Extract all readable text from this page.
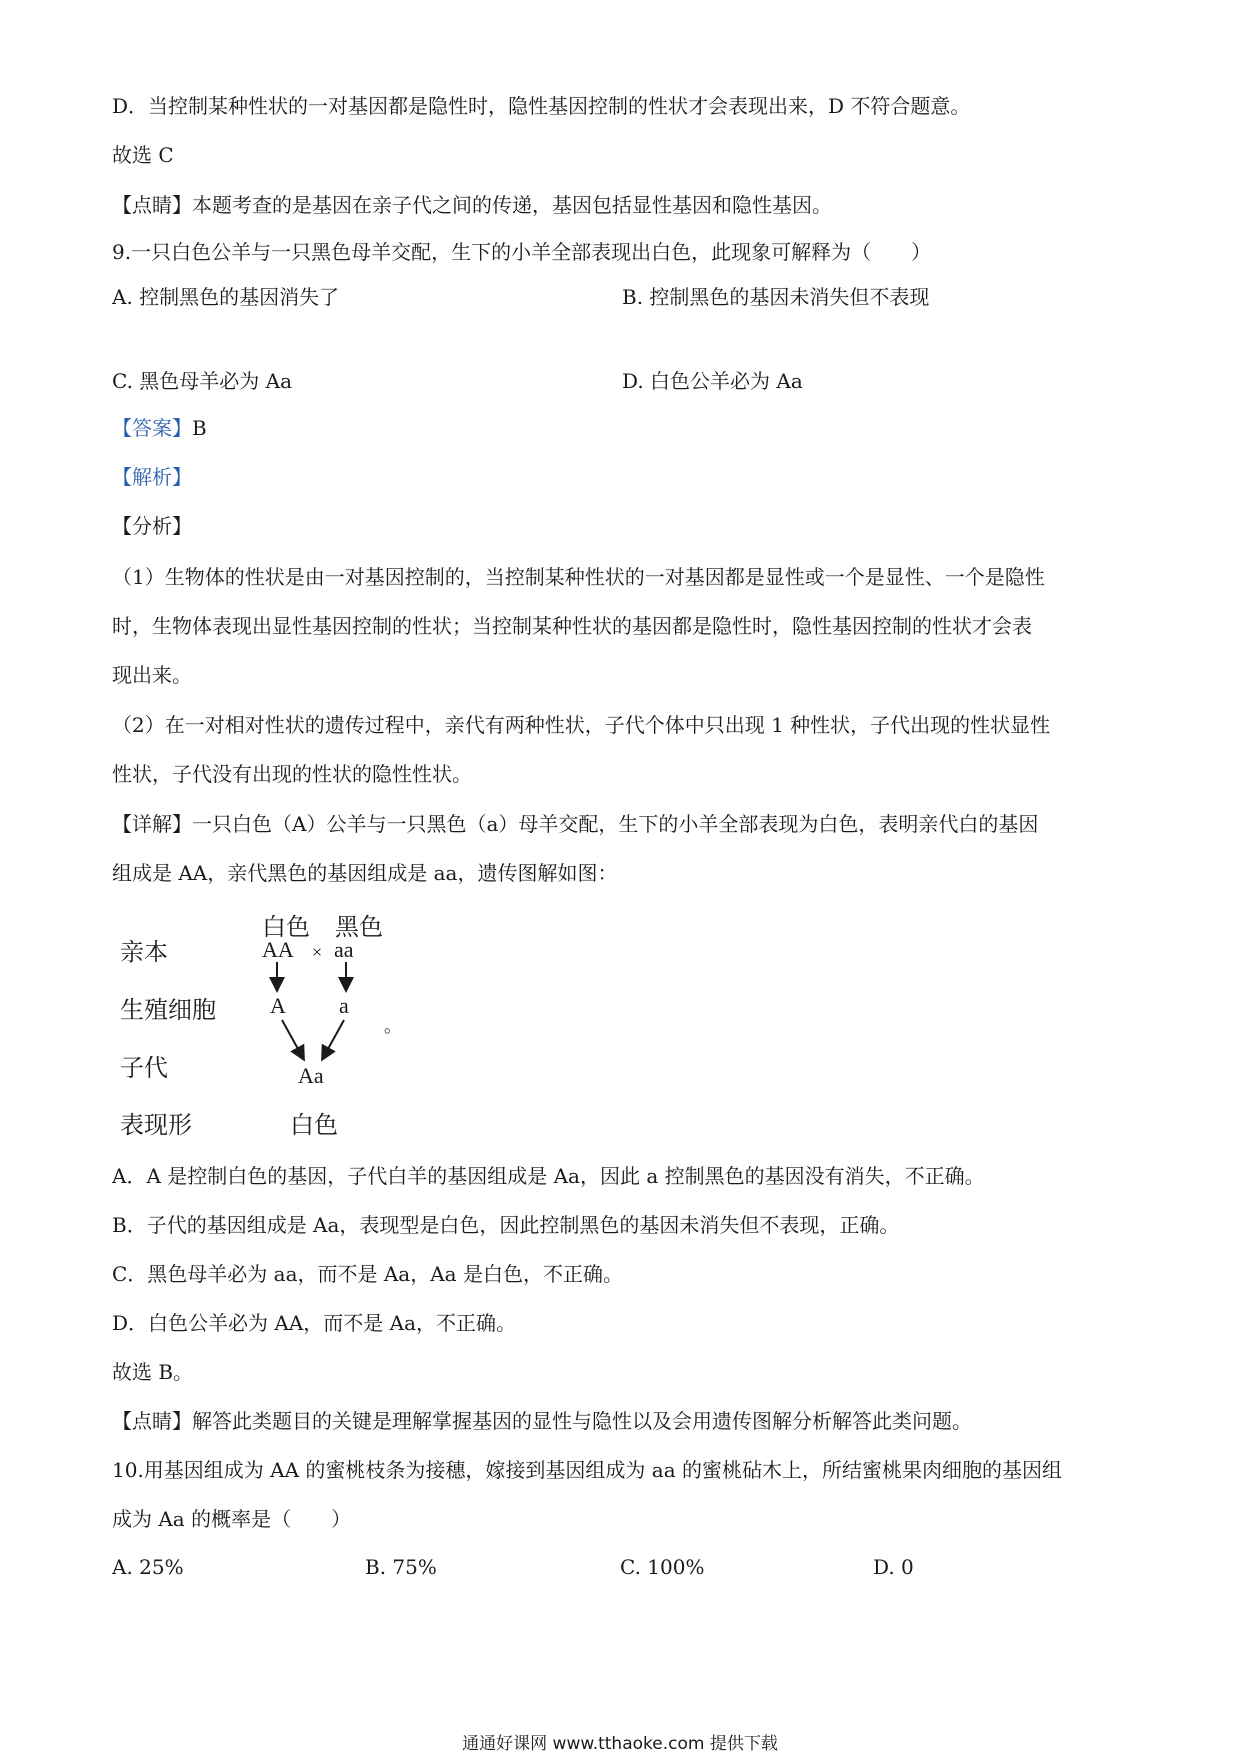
D．当控制某种性状的一对基因都是隐性时，隐性基因控制的性状才会表现出来，D 不符合题意。
故选 C
【点睛】本题考查的是基因在亲子代之间的传递，基因包括显性基因和隐性基因。
9.一只白色公羊与一只黑色母羊交配，生下的小羊全部表现出白色，此现象可解释为（　　）
A. 控制黑色的基因消失了	B. 控制黑色的基因未消失但不表现
C. 黑色母羊必为 Aa	D. 白色公羊必为 Aa
【答案】B
【解析】
【分析】
（1）生物体的性状是由一对基因控制的，当控制某种性状的一对基因都是显性或一个是显性、一个是隐性
时，生物体表现出显性基因控制的性状；当控制某种性状的基因都是隐性时，隐性基因控制的性状才会表
现出来。
（2）在一对相对性状的遗传过程中，亲代有两种性状，子代个体中只出现 1 种性状，子代出现的性状显性
性状，子代没有出现的性状的隐性性状。
【详解】一只白色（A）公羊与一只黑色（a）母羊交配，生下的小羊全部表现为白色，表明亲代白的基因
组成是 AA，亲代黑色的基因组成是 aa，遗传图解如图：
亲本
生殖细胞
子代
表现形
白色 黑色
AA × aa
A a
Aa
白色
。
A．A 是控制白色的基因，子代白羊的基因组成是 Aa，因此 a 控制黑色的基因没有消失，不正确。
B．子代的基因组成是 Aa，表现型是白色，因此控制黑色的基因未消失但不表现，正确。
C．黑色母羊必为 aa，而不是 Aa，Aa 是白色，不正确。
D．白色公羊必为 AA，而不是 Aa，不正确。
故选 B。
【点睛】解答此类题目的关键是理解掌握基因的显性与隐性以及会用遗传图解分析解答此类问题。
10.用基因组成为 AA 的蜜桃枝条为接穗，嫁接到基因组成为 aa 的蜜桃砧木上，所结蜜桃果肉细胞的基因组
成为 Aa 的概率是（　　）
A. 25%	B. 75%	C. 100%	D. 0
通通好课网 www.tthaoke.com 提供下载
